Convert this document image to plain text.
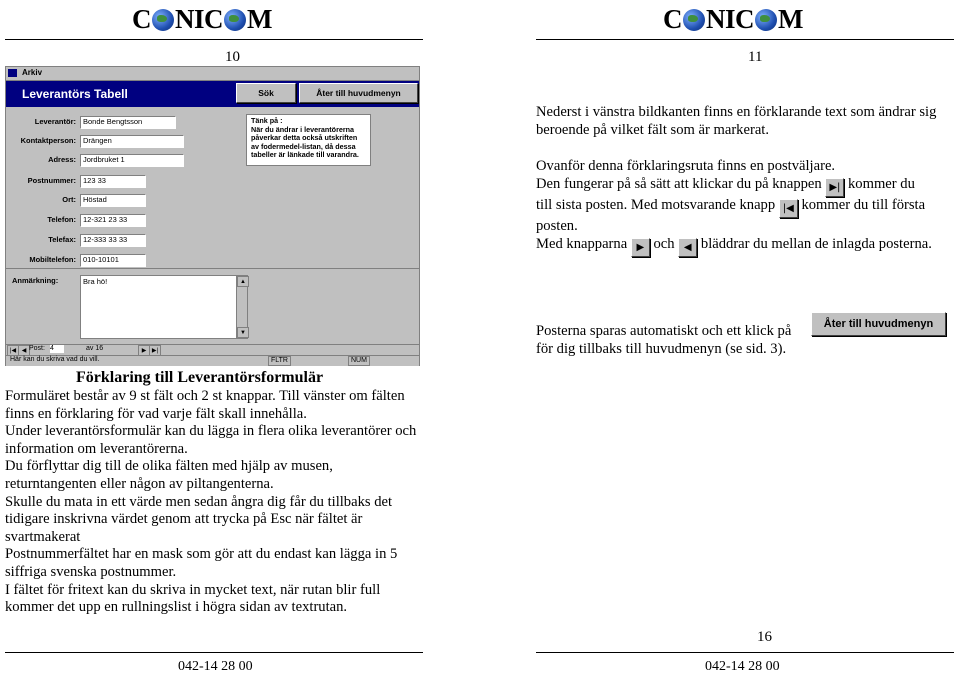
C NIC M
10
Arkiv
Leverantörs Tabell	Sök	Åter till huvudmenyn
Leverantör: Bonde Bengtsson
Kontaktperson: Drängen
Adress: Jordbruket 1
Postnummer: 123 33
Ort: Höstad
Telefon: 12-321 23 33
Telefax: 12-333 33 33
Mobiltelefon: 010-10101
Tänk på :
När du ändrar i leverantörerna påverkar detta också utskriften av fodermedel-listan, då dessa tabeller är länkade till varandra.
Anmärkning:	Bra hö!	▲
▼
|◀ ◀ Post: 4	av 16	▶ ▶|
Här kan du skriva vad du vill.	FLTR	NUM
Förklaring till Leverantörsformulär
Formuläret består av 9 st fält och 2 st knappar. Till vänster om fälten finns en förklaring för vad varje fält skall innehålla.
Under leverantörsformulär kan du lägga in flera olika leverantörer och information om leverantörerna.
Du förflyttar dig till de olika fälten med hjälp av musen, returntangenten eller någon av piltangenterna.
Skulle du mata in ett värde men sedan ångra dig får du tillbaks det tidigare inskrivna värdet genom att trycka på Esc när fältet är svartmakerat
Postnummerfältet har en mask som gör att du endast kan lägga in 5 siffriga svenska postnummer.
I fältet för fritext kan du skriva in mycket text, när rutan blir full kommer det upp en rullningslist i högra sidan av textrutan.
042-14 28 00
C NIC M
11
Nederst i vänstra bildkanten finns en förklarande text som ändrar sig beroende på vilket fält som är markerat.
Ovanför denna förklaringsruta finns en postväljare.
Den fungerar på så sätt att klickar du på knappen ▶| kommer du
till sista posten. Med motsvarande knapp |◀ kommer du till första
posten.
Med knapparna ▶ och ◀ bläddrar du mellan de inlagda posterna.
Posterna sparas automatiskt och ett klick på
för dig tillbaks till huvudmenyn (se sid. 3).
Åter till huvudmenyn
16
042-14 28 00
